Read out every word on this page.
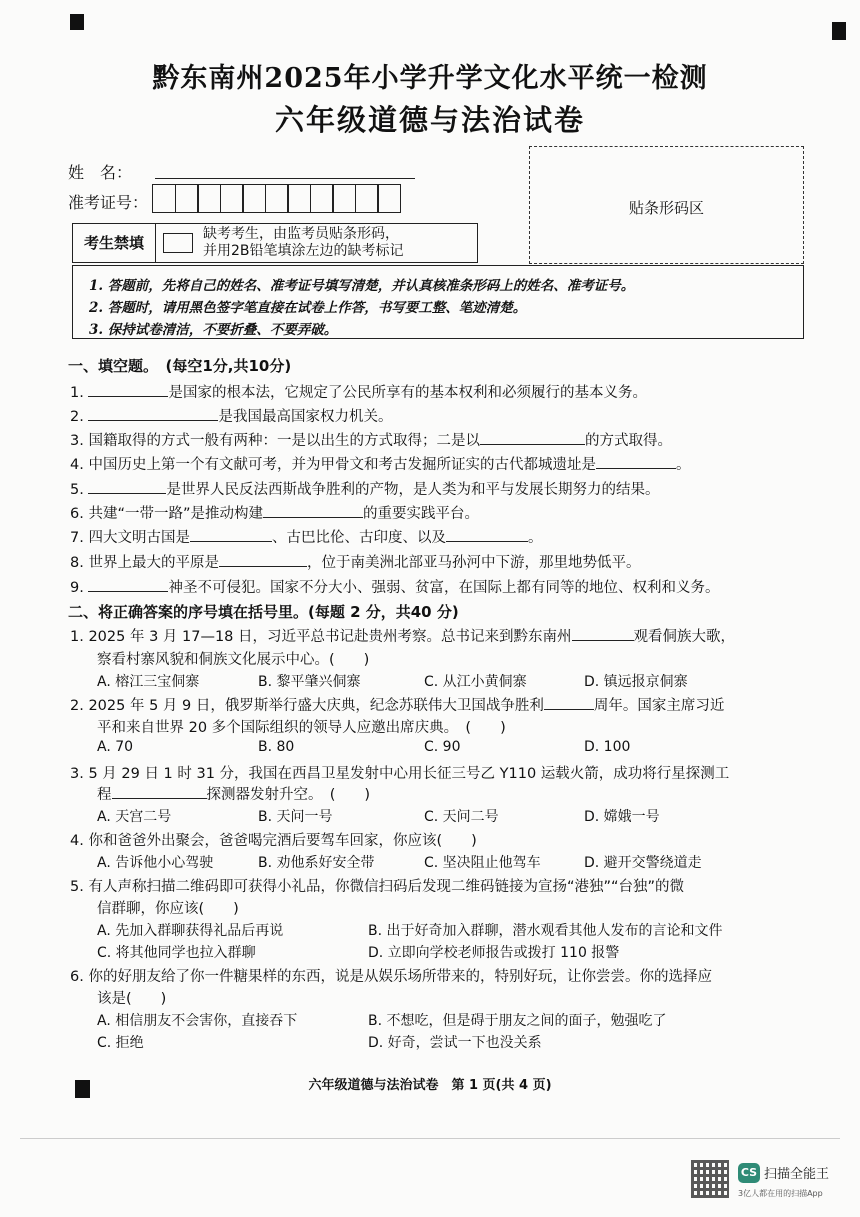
黔东南州2025年小学升学文化水平统一检测
六年级道德与法治试卷
姓　名：
准考证号：	贴条形码区
考生禁填	缺考考生，由监考员贴条形码，
并用2B铅笔填涂左边的缺考标记
1. 答题前，先将自己的姓名、准考证号填写清楚，并认真核准条形码上的姓名、准考证号。
2. 答题时，请用黑色签字笔直接在试卷上作答，书写要工整、笔迹清楚。
3. 保持试卷清洁，不要折叠、不要弄破。
一、填空题。　(每空1分,共10分)
1.	是国家的根本法，它规定了公民所享有的基本权利和必须履行的基本义务。
2.	是我国最高国家权力机关。
3. 国籍取得的方式一般有两种：一是以出生的方式取得；二是以	的方式取得。
4. 中国历史上第一个有文献可考，并为甲骨文和考古发掘所证实的古代都城遗址是	。
5.	是世界人民反法西斯战争胜利的产物，是人类为和平与发展长期努力的结果。
6. 共建“一带一路”是推动构建	的重要实践平台。
7. 四大文明古国是	、古巴比伦、古印度、以及	。
8. 世界上最大的平原是	，位于南美洲北部亚马孙河中下游，那里地势低平。
9.	神圣不可侵犯。国家不分大小、强弱、贫富，在国际上都有同等的地位、权利和义务。
二、将正确答案的序号填在括号里。(每题 2 分，共40 分)
1. 2025 年 3 月 17—18 日，习近平总书记赴贵州考察。总书记来到黔东南州	观看侗族大歌，
察看村寨风貌和侗族文化展示中心。(　　)
A. 榕江三宝侗寨	B. 黎平肇兴侗寨	C. 从江小黄侗寨	D. 镇远报京侗寨
2. 2025 年 5 月 9 日，俄罗斯举行盛大庆典，纪念苏联伟大卫国战争胜利	周年。国家主席习近
平和来自世界 20 多个国际组织的领导人应邀出席庆典。　(　　)
A. 70	B. 80	C. 90	D. 100
3. 5 月 29 日 1 时 31 分，我国在西昌卫星发射中心用长征三号乙 Y110 运载火箭，成功将行星探测工
程	探测器发射升空。　(　　)
A. 天宫二号	B. 天问一号	C. 天问二号	D. 嫦娥一号
4. 你和爸爸外出聚会，爸爸喝完酒后要驾车回家，你应该(　　)
A. 告诉他小心驾驶	B. 劝他系好安全带	C. 坚决阻止他驾车	D. 避开交警绕道走
5. 有人声称扫描二维码即可获得小礼品，你微信扫码后发现二维码链接为宣扬“港独”“台独”的微
信群聊，你应该(　　)
A. 先加入群聊获得礼品后再说	B. 出于好奇加入群聊，潜水观看其他人发布的言论和文件
C. 将其他同学也拉入群聊	D. 立即向学校老师报告或拨打 110 报警
6. 你的好朋友给了你一件糖果样的东西，说是从娱乐场所带来的，特别好玩，让你尝尝。你的选择应
该是(　　)
A. 相信朋友不会害你，直接吞下	B. 不想吃，但是碍于朋友之间的面子，勉强吃了
C. 拒绝	D. 好奇，尝试一下也没关系
六年级道德与法治试卷　第 1 页(共 4 页)
CS 扫描全能王
3亿人都在用的扫描App
